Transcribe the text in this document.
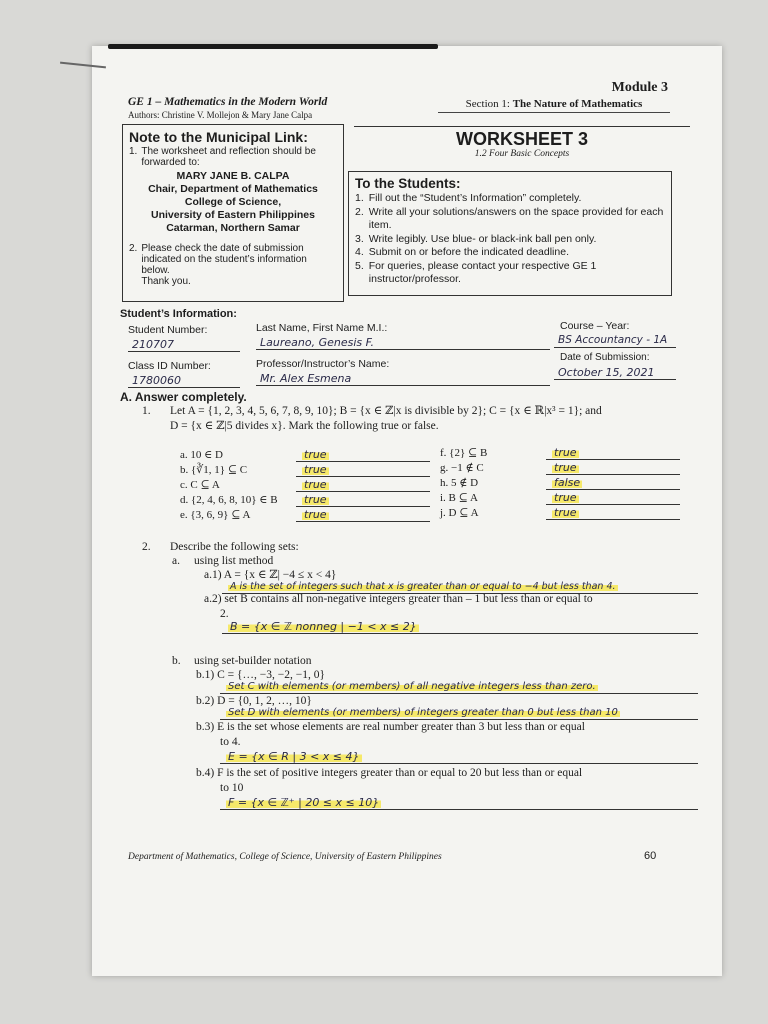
Module 3
GE 1 – Mathematics in the Modern World
Authors: Christine V. Mollejon & Mary Jane Calpa
Section 1: The Nature of Mathematics
Note to the Municipal Link:
1. The worksheet and reflection should be forwarded to:
MARY JANE B. CALPA
Chair, Department of Mathematics
College of Science,
University of Eastern Philippines
Catarman, Northern Samar
2. Please check the date of submission indicated on the student’s information below.
Thank you.
WORKSHEET 3
1.2 Four Basic Concepts
To the Students:
1. Fill out the “Student’s Information” completely.
2. Write all your solutions/answers on the space provided for each item.
3. Write legibly. Use blue- or black-ink ball pen only.
4. Submit on or before the indicated deadline.
5. For queries, please contact your respective GE 1 instructor/professor.
Student’s Information:
Student Number:
210707
Last Name, First Name M.I.:
Laureano, Genesis F.
Course – Year:
BS Accountancy - 1A
Class ID Number:
1780060
Professor/Instructor’s Name:
Mr. Alex Esmena
Date of Submission:
October 15, 2021
A. Answer completely.
1. Let A = {1, 2, 3, 4, 5, 6, 7, 8, 9, 10}; B = {x ∈ ℤ|x is divisible by 2}; C = {x ∈ ℝ|x³ = 1}; and
D = {x ∈ ℤ|5 divides x}. Mark the following true or false.
a. 10 ∈ D	true
b. {∛1, 1} ⊆ C	true
c. C ⊆ A	true
d. {2, 4, 6, 8, 10} ∈ B	true
e. {3, 6, 9} ⊆ A	true
f. {2} ⊆ B	true
g. −1 ∉ C	true
h. 5 ∉ D	false
i. B ⊆ A	true
j. D ⊆ A	true
2. Describe the following sets:
a. using list method
a.1) A = {x ∈ ℤ| −4 ≤ x < 4}
A is the set of integers such that x is greater than or equal to −4 but less than 4.
a.2) set B contains all non-negative integers greater than – 1 but less than or equal to
2.
B = {x ∈ ℤ nonneg | −1 < x ≤ 2}
b. using set-builder notation
b.1) C = {…, −3, −2, −1, 0}
Set C with elements (or members) of all negative integers less than zero.
b.2) D = {0, 1, 2, …, 10}
Set D with elements (or members) of integers greater than 0 but less than 10
b.3) E is the set whose elements are real number greater than 3 but less than or equal
to 4.
E = {x ∈ R | 3 < x ≤ 4}
b.4) F is the set of positive integers greater than or equal to 20 but less than or equal
to 10
F = {x ∈ ℤ⁺ | 20 ≤ x ≤ 10}
Department of Mathematics, College of Science, University of Eastern Philippines	60
